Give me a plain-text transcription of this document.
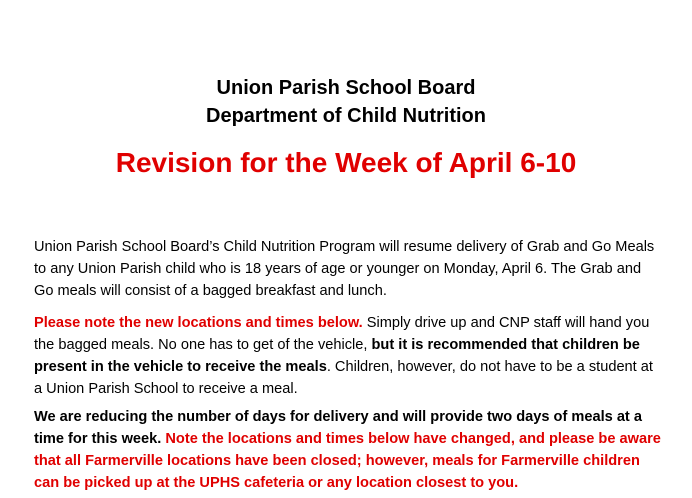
Union Parish School Board
Department of Child Nutrition
Revision for the Week of April 6-10
Union Parish School Board’s Child Nutrition Program will resume delivery of Grab and Go Meals to any Union Parish child who is 18 years of age or younger on Monday, April 6. The Grab and Go meals will consist of a bagged breakfast and lunch.
Please note the new locations and times below. Simply drive up and CNP staff will hand you the bagged meals. No one has to get of the vehicle, but it is recommended that children be present in the vehicle to receive the meals. Children, however, do not have to be a student at a Union Parish School to receive a meal.
We are reducing the number of days for delivery and will provide two days of meals at a time for this week. Note the locations and times below have changed, and please be aware that all Farmerville locations have been closed; however, meals for Farmerville children can be picked up at the UPHS cafeteria or any location closest to you.
